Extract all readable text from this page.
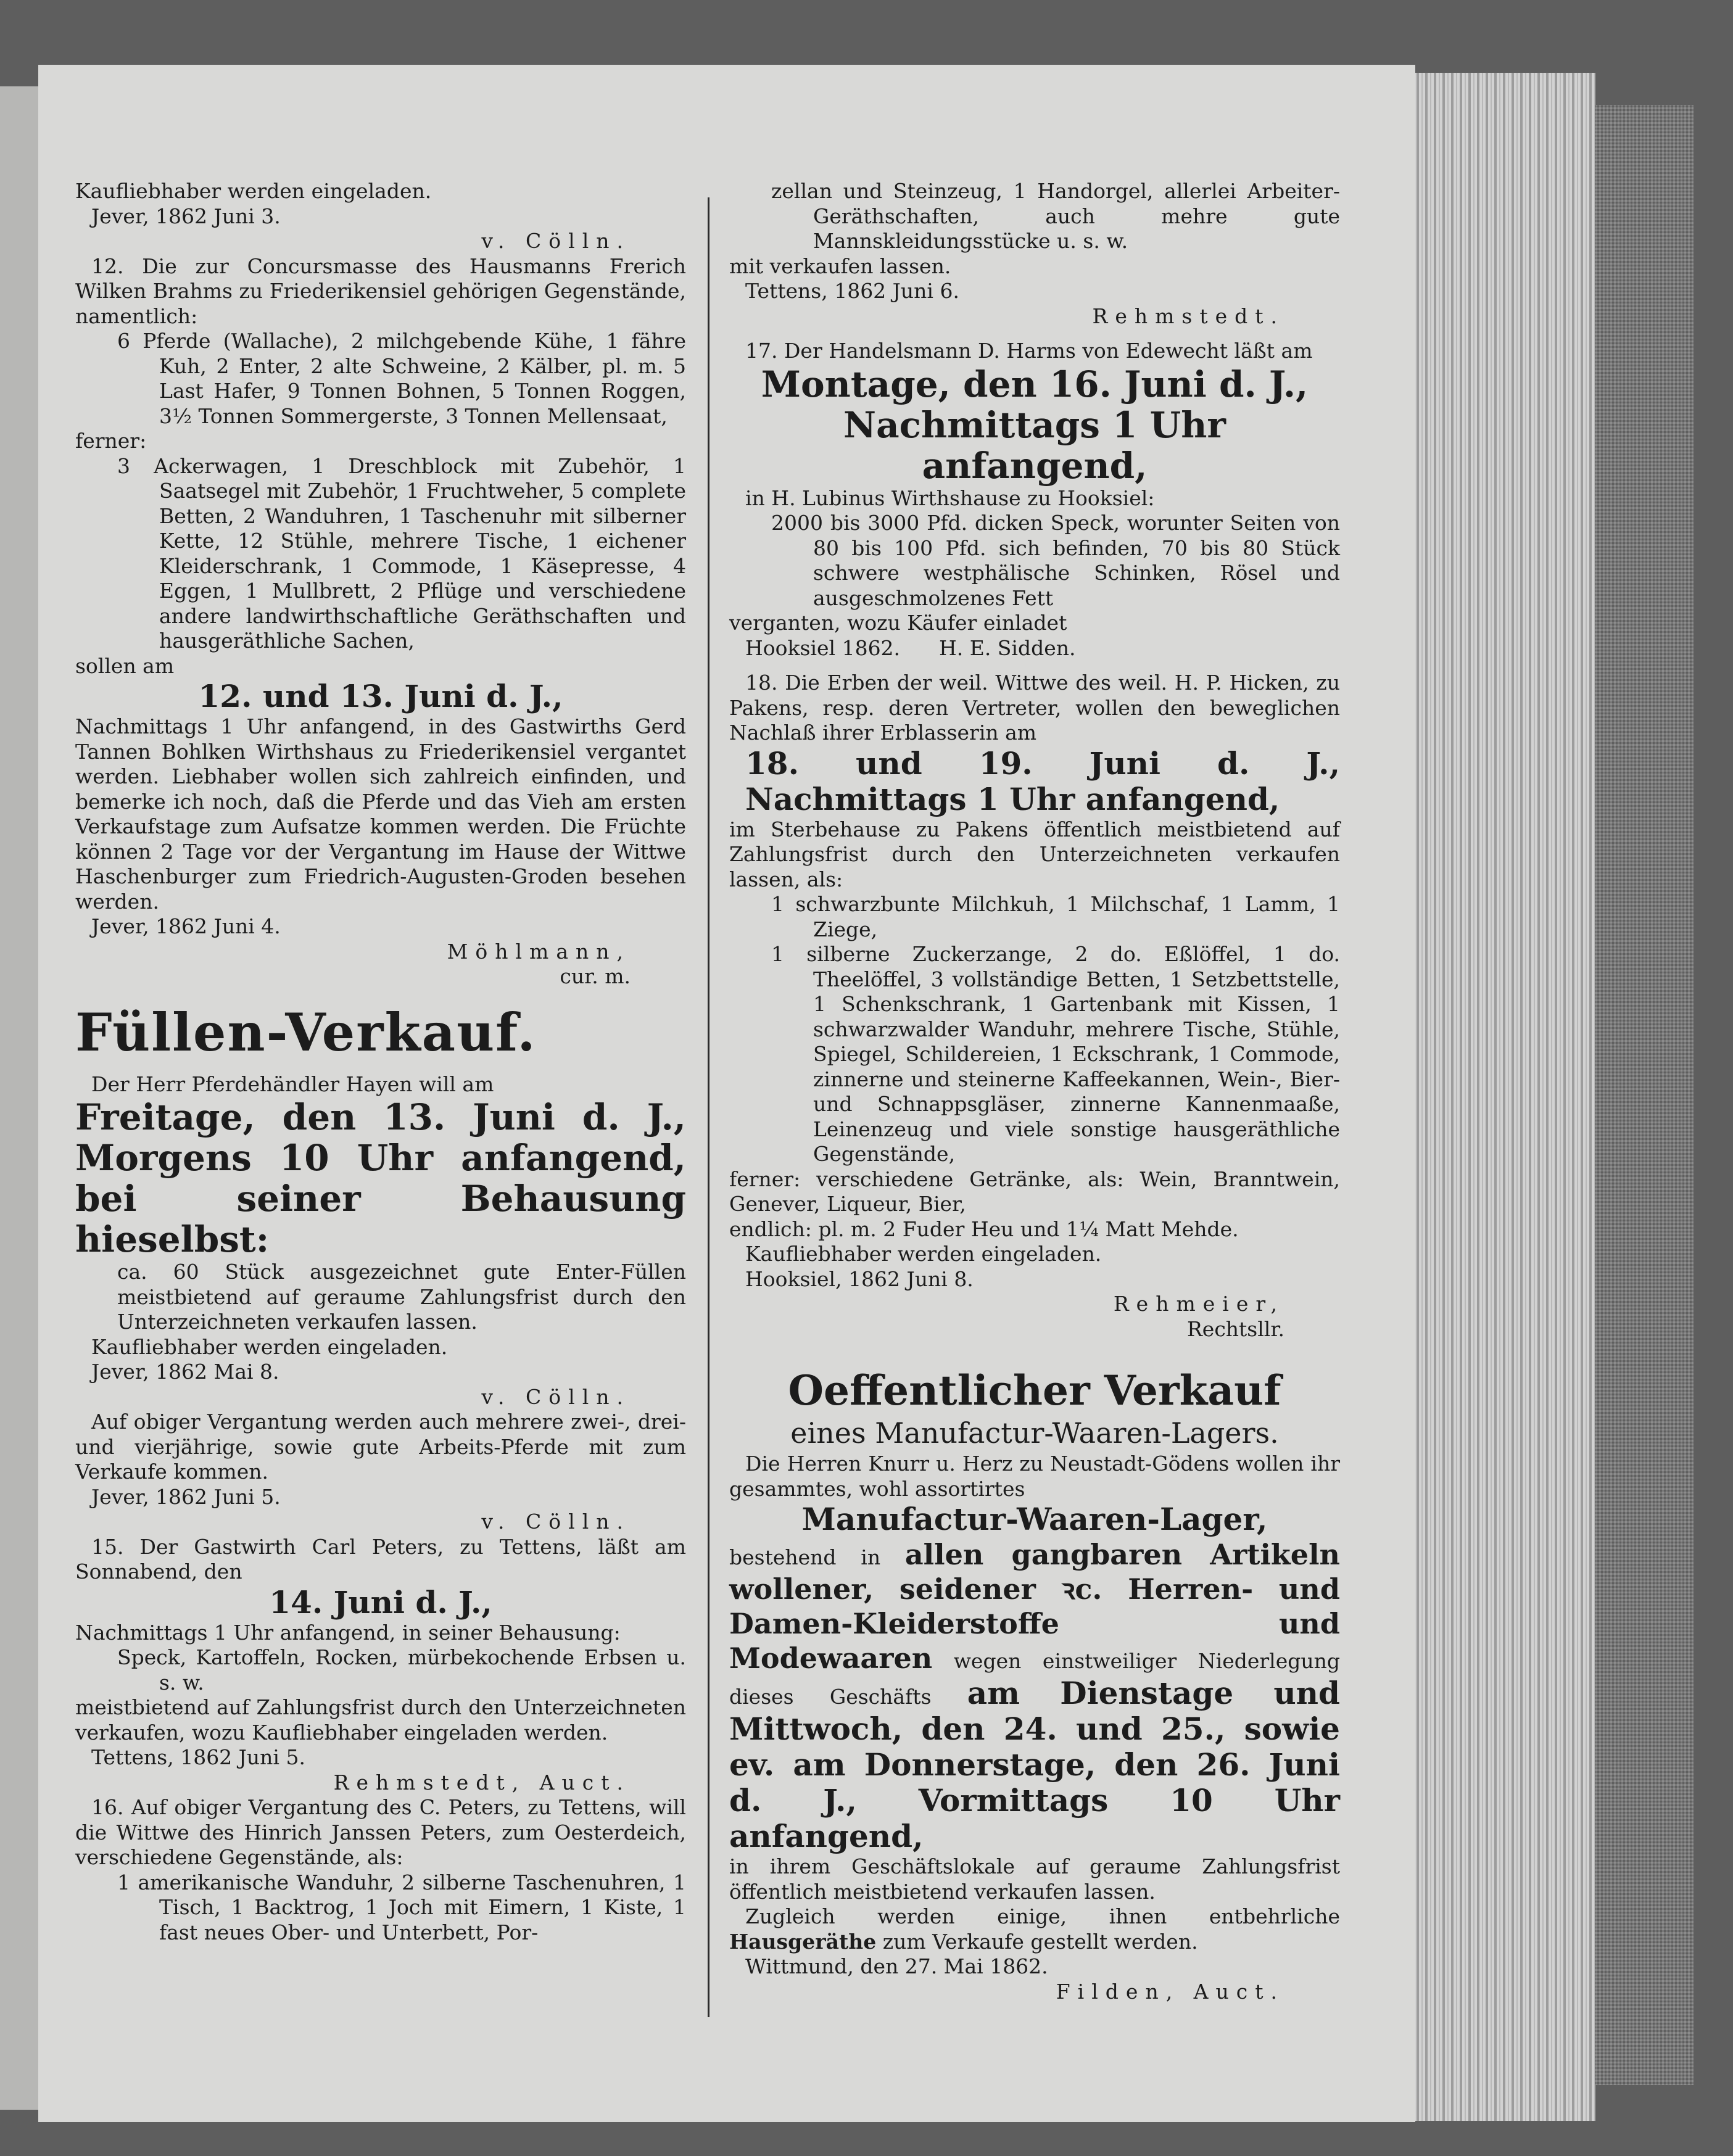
Kaufliebhaber werden eingeladen.

Jever, 1862 Juni 3.

v. Cölln.

12. Die zur Concursmasse des Hausmanns Frerich Wilken Brahms zu Friederikensiel gehörigen Gegenstände, namentlich:

6 Pferde (Wallache), 2 milchgebende Kühe, 1 fähre Kuh, 2 Enter, 2 alte Schweine, 2 Kälber, pl. m. 5 Last Hafer, 9 Tonnen Bohnen, 5 Tonnen Roggen, 3½ Tonnen Sommergerste, 3 Tonnen Mellensaat,

ferner:

3 Ackerwagen, 1 Dreschblock mit Zubehör, 1 Saatsegel mit Zubehör, 1 Fruchtweher, 5 complete Betten, 2 Wanduhren, 1 Taschenuhr mit silberner Kette, 12 Stühle, mehrere Tische, 1 eichener Kleiderschrank, 1 Commode, 1 Käsepresse, 4 Eggen, 1 Mullbrett, 2 Pflüge und verschiedene andere landwirthschaftliche Geräthschaften und hausgeräthliche Sachen,

sollen am

12. und 13. Juni d. J.,

Nachmittags 1 Uhr anfangend, in des Gastwirths Gerd Tannen Bohlken Wirthshaus zu Friederikensiel vergantet werden. Liebhaber wollen sich zahlreich einfinden, und bemerke ich noch, daß die Pferde und das Vieh am ersten Verkaufstage zum Aufsatze kommen werden. Die Früchte können 2 Tage vor der Vergantung im Hause der Wittwe Haschenburger zum Friedrich-Augusten-Groden besehen werden.

Jever, 1862 Juni 4.

Möhlmann,

cur. m.

Füllen-Verkauf.

Der Herr Pferdehändler Hayen will am

Freitage, den 13. Juni d. J., Morgens 10 Uhr anfangend, bei seiner Behausung hieselbst:

ca. 60 Stück ausgezeichnet gute Enter-Füllen meistbietend auf geraume Zahlungsfrist durch den Unterzeichneten verkaufen lassen.

Kaufliebhaber werden eingeladen.

Jever, 1862 Mai 8.

v. Cölln.

Auf obiger Vergantung werden auch mehrere zwei-, drei- und vierjährige, sowie gute Arbeits-Pferde mit zum Verkaufe kommen.

Jever, 1862 Juni 5.

v. Cölln.

15. Der Gastwirth Carl Peters, zu Tettens, läßt am Sonnabend, den

14. Juni d. J.,

Nachmittags 1 Uhr anfangend, in seiner Behausung:

Speck, Kartoffeln, Rocken, mürbekochende Erbsen u. s. w.

meistbietend auf Zahlungsfrist durch den Unterzeichneten verkaufen, wozu Kaufliebhaber eingeladen werden.

Tettens, 1862 Juni 5.

Rehmstedt, Auct.

16. Auf obiger Vergantung des C. Peters, zu Tettens, will die Wittwe des Hinrich Janssen Peters, zum Oesterdeich, verschiedene Gegenstände, als:

1 amerikanische Wanduhr, 2 silberne Taschenuhren, 1 Tisch, 1 Backtrog, 1 Joch mit Eimern, 1 Kiste, 1 fast neues Ober- und Unterbett, Por-

zellan und Steinzeug, 1 Handorgel, allerlei Arbeiter-Geräthschaften, auch mehre gute Mannskleidungsstücke u. s. w.

mit verkaufen lassen.

Tettens, 1862 Juni 6.

Rehmstedt.

17. Der Handelsmann D. Harms von Edewecht läßt am

Montage, den 16. Juni d. J., Nachmittags 1 Uhr anfangend,

in H. Lubinus Wirthshause zu Hooksiel:

2000 bis 3000 Pfd. dicken Speck, worunter Seiten von 80 bis 100 Pfd. sich befinden, 70 bis 80 Stück schwere westphälische Schinken, Rösel und ausgeschmolzenes Fett

verganten, wozu Käufer einladet

Hooksiel 1862.      H. E. Sidden.

18. Die Erben der weil. Wittwe des weil. H. P. Hicken, zu Pakens, resp. deren Vertreter, wollen den beweglichen Nachlaß ihrer Erblasserin am

18. und 19. Juni d. J., Nachmittags 1 Uhr anfangend,

im Sterbehause zu Pakens öffentlich meistbietend auf Zahlungsfrist durch den Unterzeichneten verkaufen lassen, als:

1 schwarzbunte Milchkuh, 1 Milchschaf, 1 Lamm, 1 Ziege,

1 silberne Zuckerzange, 2 do. Eßlöffel, 1 do. Theelöffel, 3 vollständige Betten, 1 Setzbettstelle, 1 Schenkschrank, 1 Gartenbank mit Kissen, 1 schwarzwalder Wanduhr, mehrere Tische, Stühle, Spiegel, Schildereien, 1 Eckschrank, 1 Commode, zinnerne und steinerne Kaffeekannen, Wein-, Bier- und Schnappsgläser, zinnerne Kannenmaaße, Leinenzeug und viele sonstige hausgeräthliche Gegenstände,

ferner: verschiedene Getränke, als: Wein, Branntwein, Genever, Liqueur, Bier,

endlich: pl. m. 2 Fuder Heu und 1¼ Matt Mehde.

Kaufliebhaber werden eingeladen.

Hooksiel, 1862 Juni 8.

Rehmeier,

Rechtsllr.

Oeffentlicher Verkauf

eines Manufactur-Waaren-Lagers.

Die Herren Knurr u. Herz zu Neustadt-Gödens wollen ihr gesammtes, wohl assortirtes

Manufactur-Waaren-Lager,

bestehend in allen gangbaren Artikeln wollener, seidener ꝛc. Herren- und Damen-Kleiderstoffe und Modewaaren wegen einstweiliger Niederlegung dieses Geschäfts am Dienstage und Mittwoch, den 24. und 25., sowie ev. am Donnerstage, den 26. Juni d. J., Vormittags 10 Uhr anfangend,

in ihrem Geschäftslokale auf geraume Zahlungsfrist öffentlich meistbietend verkaufen lassen.

Zugleich werden einige, ihnen entbehrliche Hausgeräthe zum Verkaufe gestellt werden.

Wittmund, den 27. Mai 1862.

Filden, Auct.
